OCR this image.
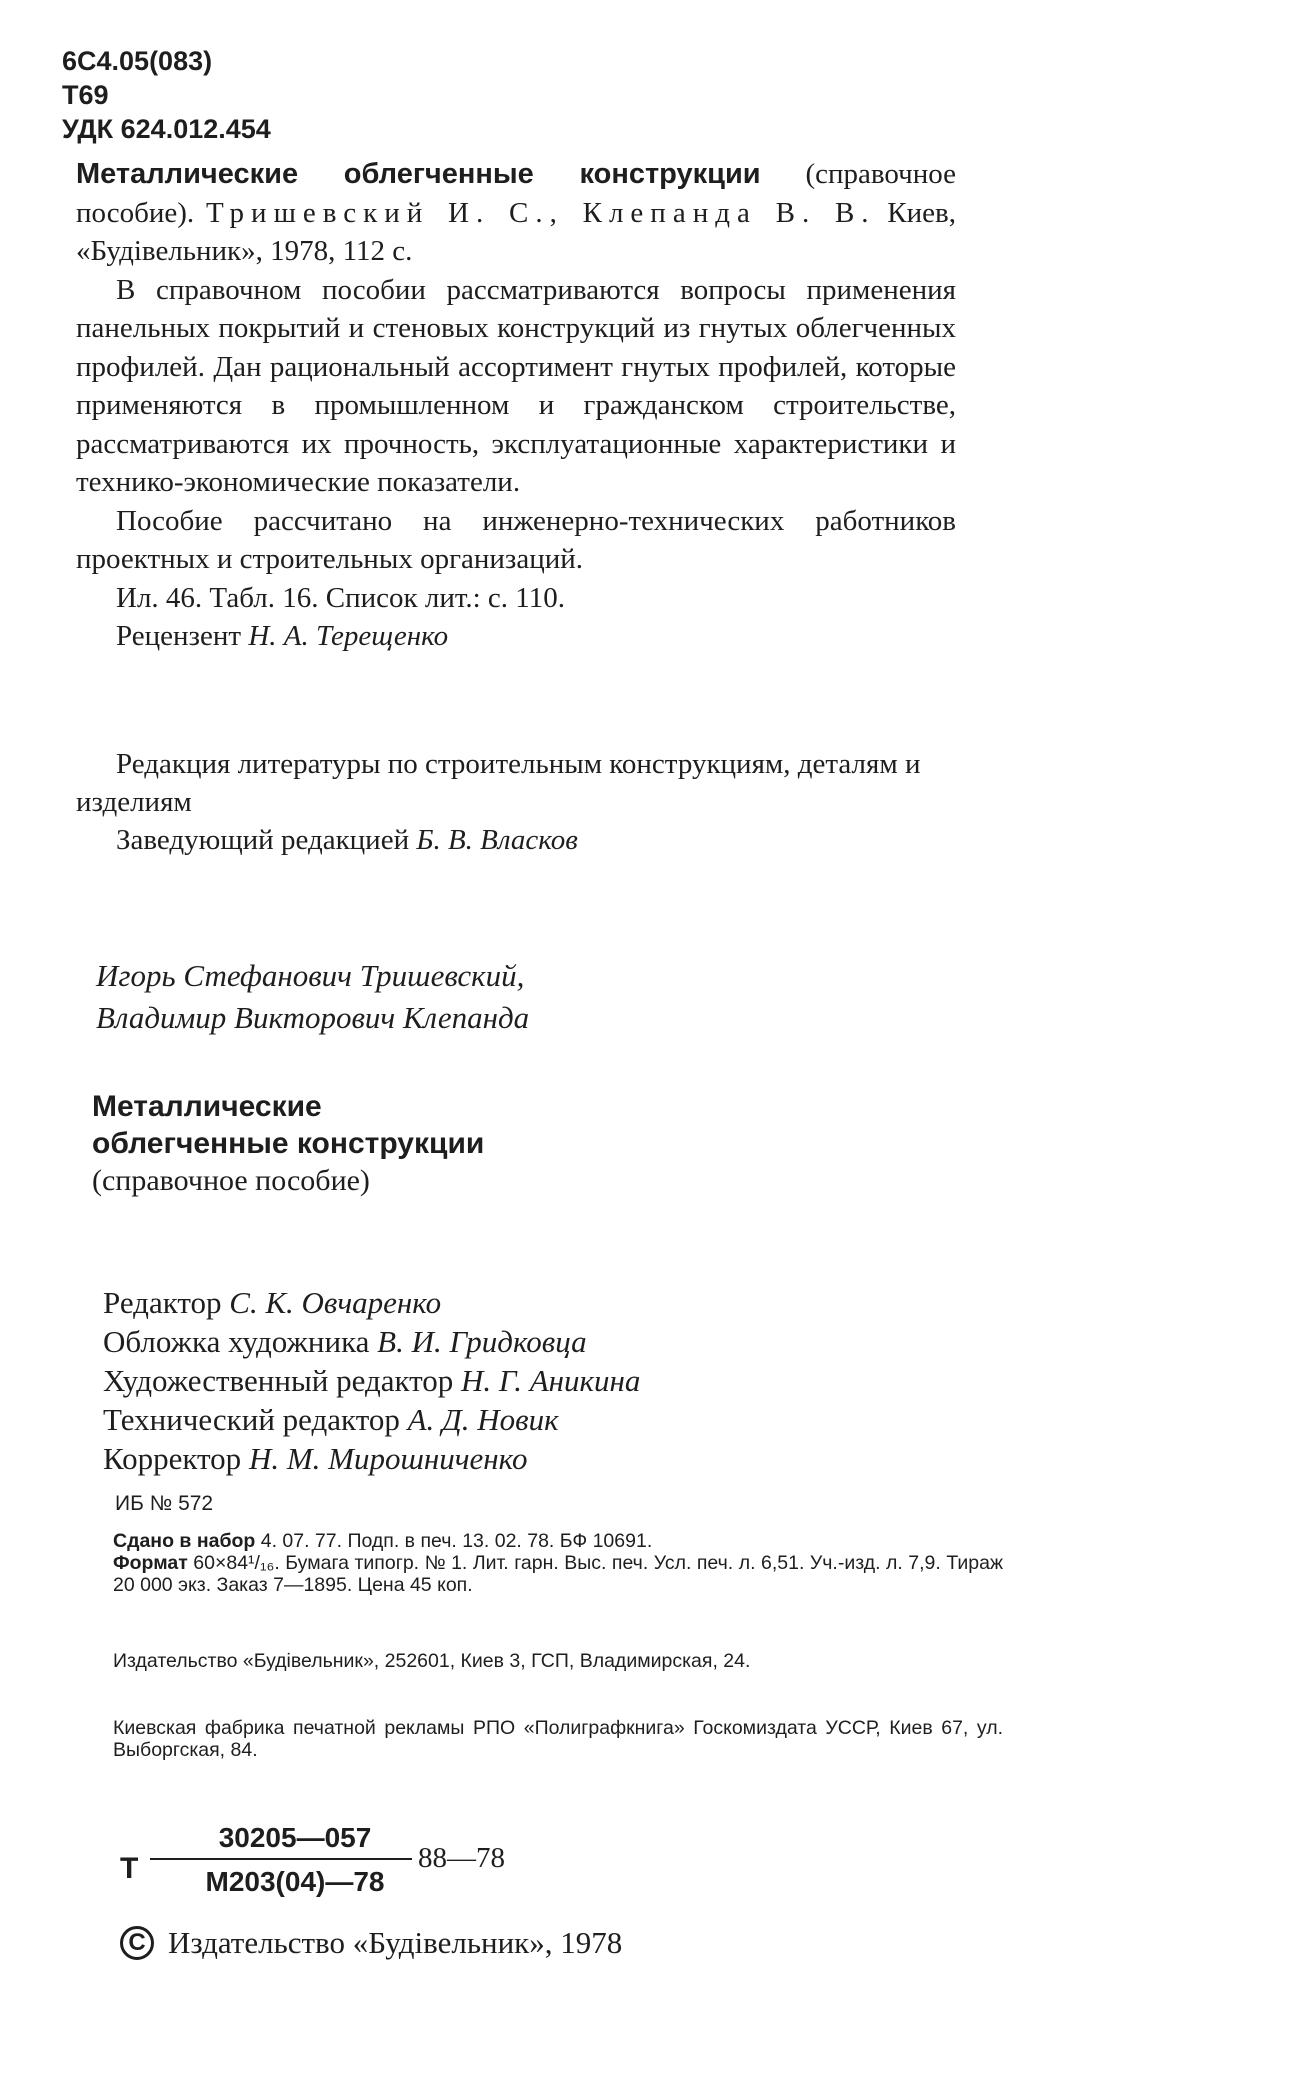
6С4.05(083)
Т69
УДК 624.012.454

Металлические облегченные конструкции (справочное пособие). Тришевский И. С., Клепанда В. В. Киев, «Будівельник», 1978, 112 с.

В справочном пособии рассматриваются вопросы применения панельных покрытий и стеновых конструкций из гнутых облегченных профилей. Дан рациональный ассортимент гнутых профилей, которые применяются в промышленном и гражданском строительстве, рассматриваются их прочность, эксплуатационные характеристики и технико-экономические показатели.

Пособие рассчитано на инженерно-технических работников проектных и строительных организаций.

Ил. 46. Табл. 16. Список лит.: с. 110.

Рецензент Н. А. Терещенко

Редакция литературы по строительным конструкциям, деталям и изделиям

Заведующий редакцией Б. В. Власков

Игорь Стефанович Тришевский,
Владимир Викторович Клепанда
Металлические
облегченные конструкции
(справочное пособие)
Редактор С. К. Овчаренко
Обложка художника В. И. Гридковца
Художественный редактор Н. Г. Аникина
Технический редактор А. Д. Новик
Корректор Н. М. Мирошниченко
ИБ № 572
Сдано в набор 4. 07. 77. Подп. в печ. 13. 02. 78. БФ 10691.
Формат 60×84¹/₁₆. Бумага типогр. № 1. Лит. гарн. Выс. печ. Усл. печ. л. 6,51. Уч.-изд. л. 7,9. Тираж 20 000 экз. Заказ 7—1895. Цена 45 коп.
Издательство «Будівельник», 252601, Киев 3, ГСП, Владимирская, 24.
Киевская фабрика печатной рекламы РПО «Полиграфкнига» Госкомиздата УССР, Киев 67, ул. Выборгская, 84.
Т
30205—057
М203(04)—78
88—78
C Издательство «Будівельник», 1978
